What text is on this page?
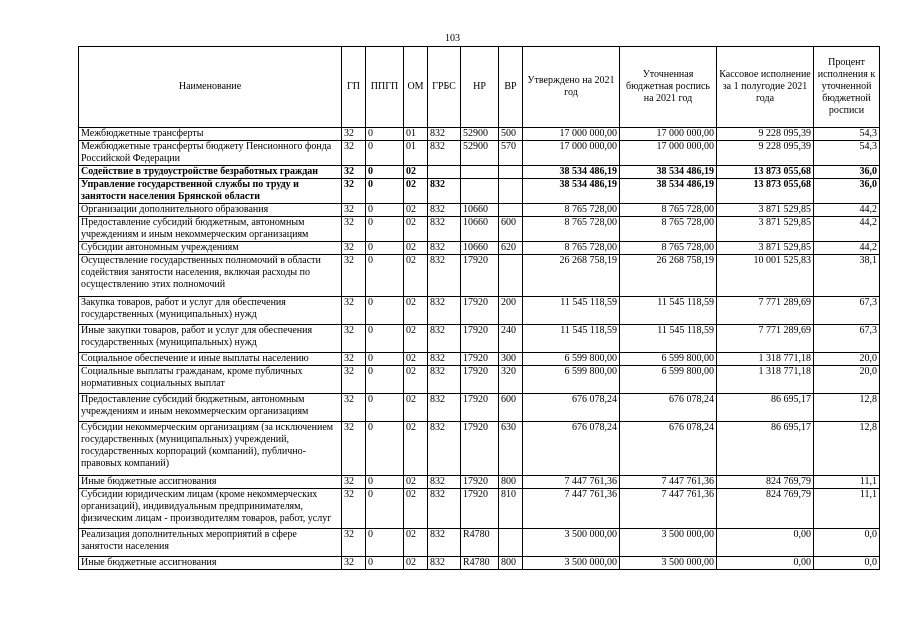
103
Наименование	ГП	ППГП	ОМ	ГРБС	НР	ВР	Утверждено на 2021 год	Уточненная бюджетная роспись на 2021 год	Кассовое исполнение за 1 полугодие 2021 года	Процент исполнения к уточненной бюджетной росписи
Межбюджетные трансферты	32	0	01	832	52900	500	17 000 000,00	17 000 000,00	9 228 095,39	54,3
Межбюджетные трансферты бюджету Пенсионного фонда Российской Федерации	32	0	01	832	52900	570	17 000 000,00	17 000 000,00	9 228 095,39	54,3
Содействие в трудоустройстве безработных граждан	32	0	02				38 534 486,19	38 534 486,19	13 873 055,68	36,0
Управление государственной службы по труду и занятости населения Брянской области	32	0	02	832			38 534 486,19	38 534 486,19	13 873 055,68	36,0
Организации дополнительного образования	32	0	02	832	10660		8 765 728,00	8 765 728,00	3 871 529,85	44,2
Предоставление субсидий бюджетным, автономным учреждениям и иным некоммерческим организациям	32	0	02	832	10660	600	8 765 728,00	8 765 728,00	3 871 529,85	44,2
Субсидии автономным учреждениям	32	0	02	832	10660	620	8 765 728,00	8 765 728,00	3 871 529,85	44,2
Осуществление государственных полномочий в области содействия занятости населения, включая расходы по осуществлению этих полномочий	32	0	02	832	17920		26 268 758,19	26 268 758,19	10 001 525,83	38,1
Закупка товаров, работ и услуг для обеспечения государственных (муниципальных) нужд	32	0	02	832	17920	200	11 545 118,59	11 545 118,59	7 771 289,69	67,3
Иные закупки товаров, работ и услуг для обеспечения государственных (муниципальных) нужд	32	0	02	832	17920	240	11 545 118,59	11 545 118,59	7 771 289,69	67,3
Социальное обеспечение и иные выплаты населению	32	0	02	832	17920	300	6 599 800,00	6 599 800,00	1 318 771,18	20,0
Социальные выплаты гражданам, кроме публичных нормативных социальных выплат	32	0	02	832	17920	320	6 599 800,00	6 599 800,00	1 318 771,18	20,0
Предоставление субсидий бюджетным, автономным учреждениям и иным некоммерческим организациям	32	0	02	832	17920	600	676 078,24	676 078,24	86 695,17	12,8
Субсидии некоммерческим организациям (за исключением государственных (муниципальных) учреждений, государственных корпораций (компаний), публично-правовых компаний)	32	0	02	832	17920	630	676 078,24	676 078,24	86 695,17	12,8
Иные бюджетные ассигнования	32	0	02	832	17920	800	7 447 761,36	7 447 761,36	824 769,79	11,1
Субсидии юридическим лицам (кроме некоммерческих организаций), индивидуальным предпринимателям, физическим лицам - производителям товаров, работ, услуг	32	0	02	832	17920	810	7 447 761,36	7 447 761,36	824 769,79	11,1
Реализация дополнительных мероприятий в сфере занятости населения	32	0	02	832	R4780		3 500 000,00	3 500 000,00	0,00	0,0
Иные бюджетные ассигнования	32	0	02	832	R4780	800	3 500 000,00	3 500 000,00	0,00	0,0
